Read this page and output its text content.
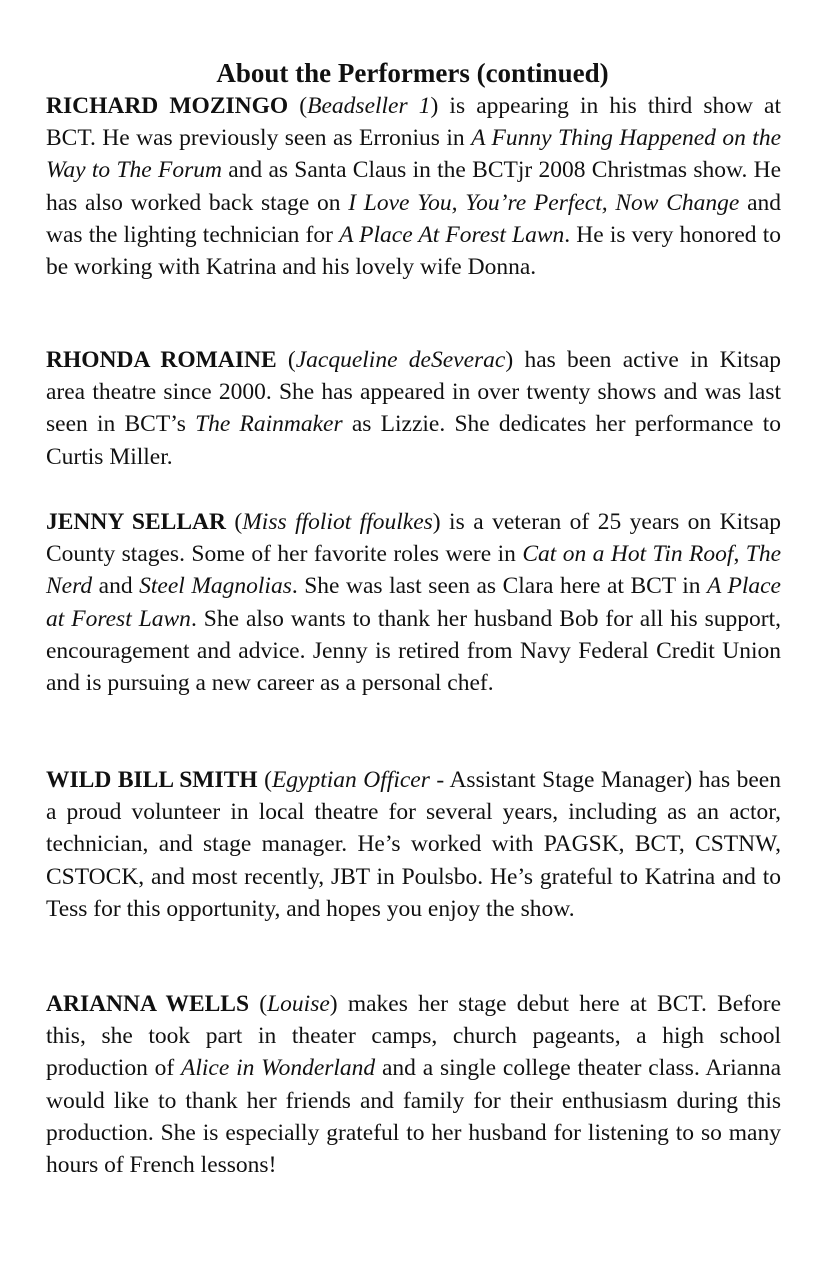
About the Performers (continued)

RICHARD MOZINGO (Beadseller 1) is appearing in his third show at BCT. He was previously seen as Erronius in A Funny Thing Happened on the Way to The Forum and as Santa Claus in the BCTjr 2008 Christmas show. He has also worked back stage on I Love You, You’re Perfect, Now Change and was the lighting technician for A Place At Forest Lawn. He is very honored to be working with Katrina and his lovely wife Donna.

RHONDA ROMAINE (Jacqueline deSeverac) has been active in Kitsap area theatre since 2000. She has appeared in over twenty shows and was last seen in BCT’s The Rainmaker as Lizzie. She dedicates her performance to Curtis Miller.

JENNY SELLAR (Miss ffoliot ffoulkes) is a veteran of 25 years on Kitsap County stages. Some of her favorite roles were in Cat on a Hot Tin Roof, The Nerd and Steel Magnolias. She was last seen as Clara here at BCT in A Place at Forest Lawn. She also wants to thank her husband Bob for all his support, encouragement and advice. Jenny is retired from Navy Federal Credit Union and is pursuing a new career as a personal chef.

WILD BILL SMITH (Egyptian Officer - Assistant Stage Manager) has been a proud volunteer in local theatre for several years, including as an actor, technician, and stage manager. He’s worked with PAGSK, BCT, CSTNW, CSTOCK, and most recently, JBT in Poulsbo. He’s grateful to Katrina and to Tess for this opportunity, and hopes you enjoy the show.

ARIANNA WELLS (Louise) makes her stage debut here at BCT. Before this, she took part in theater camps, church pageants, a high school production of Alice in Wonderland and a single college theater class. Arianna would like to thank her friends and family for their enthusiasm during this production. She is especially grateful to her husband for listening to so many hours of French lessons!
